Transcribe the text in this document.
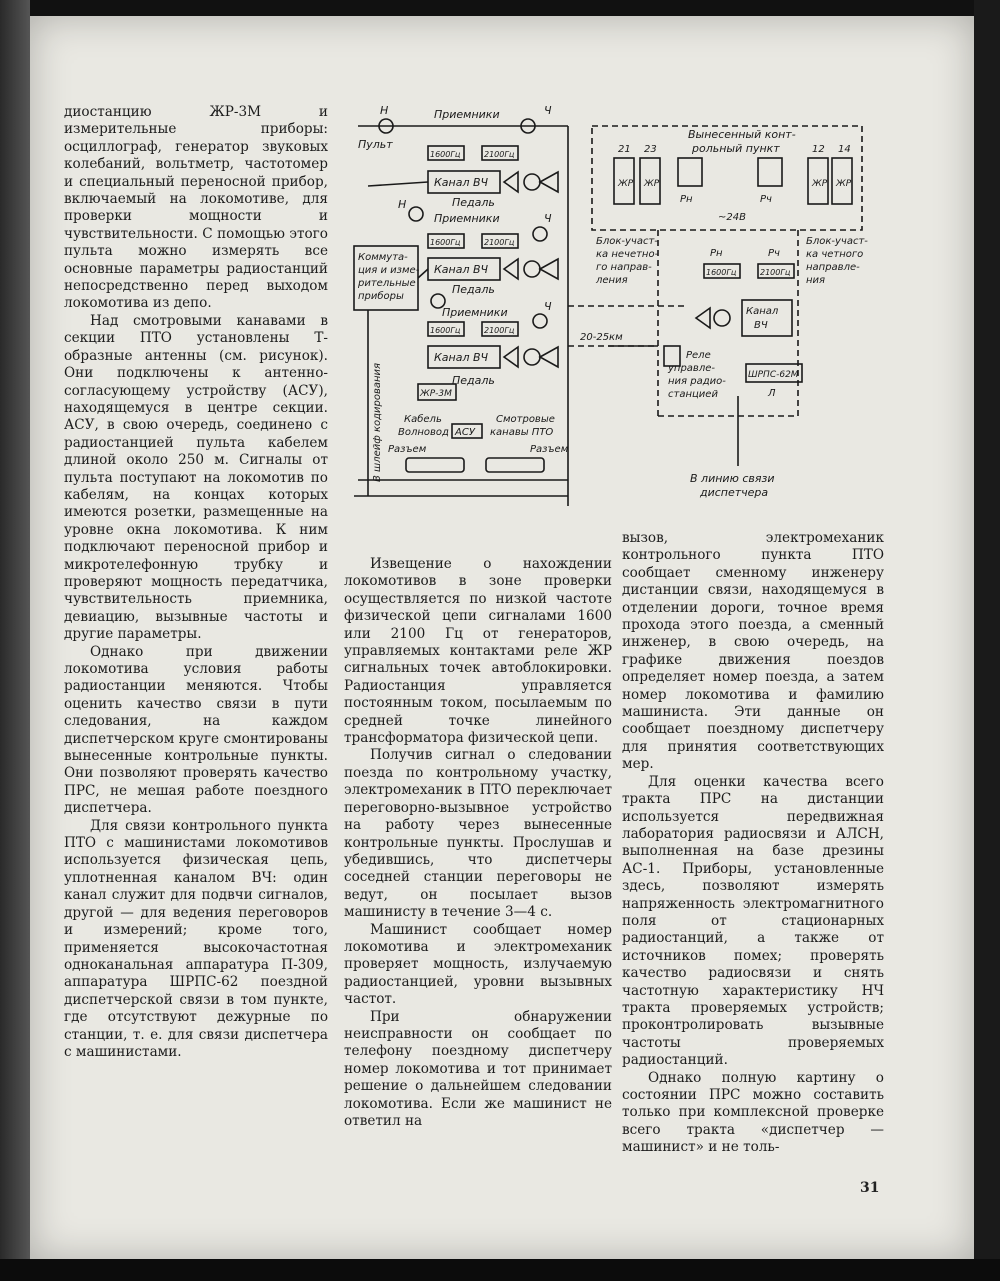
Пульт
Приемники
1600Гц	2100Гц
Канал ВЧ
Педаль
Приемники
1600Гц	2100Гц
Канал ВЧ
Педаль
Приемники
1600Гц	2100Гц
Канал ВЧ
Педаль
Н
Н
Ч
Ч
Ч
Коммута-
ция и изме-
рительные
приборы
В шлейф кодирования	ЖР-3М
Кабель
Волновод АСУ
Смотровые
канавы ПТО
Разъем	Разъем
Вынесенный конт-
рольный пункт
21 23	12 14
ЖР ЖР	ЖР ЖР
Рн	Рч
~24В
Блок-участ-
ка нечетно-
го направ-
ления
Блок-участ-
ка четного
направле-
ния
Рн	Рч
1600Гц	2100Гц
Канал
ВЧ
20-25км
Реле
управле-
ния радио-
станцией
ШРПС-62М
Л
В линию связи
диспетчера

диостанцию ЖР-3М и измерительные приборы: осциллограф, генератор звуковых колебаний, вольтметр, частотомер и специальный переносной прибор, включаемый на локомотиве, для проверки мощности и чувствительности. С помощью этого пульта можно измерять все основные параметры радиостанций непосредственно перед выходом локомотива из депо.

Над смотровыми канавами в секции ПТО установлены Т-образные антенны (см. рисунок). Они подключены к антенно-согласующему устройству (АСУ), находящемуся в центре секции. АСУ, в свою очередь, соединено с радиостанцией пульта кабелем длиной около 250 м. Сигналы от пульта поступают на локомотив по кабелям, на концах которых имеются розетки, размещенные на уровне окна локомотива. К ним подключают переносной прибор и микротелефонную трубку и проверяют мощность передатчика, чувствительность приемника, девиацию, вызывные частоты и другие параметры.

Однако при движении локомотива условия работы радиостанции меняются. Чтобы оценить качество связи в пути следования, на каждом диспетчерском круге смонтированы вынесенные контрольные пункты. Они позволяют проверять качество ПРС, не мешая работе поездного диспетчера.

Для связи контрольного пункта ПТО с машинистами локомотивов используется физическая цепь, уплотненная каналом ВЧ: один канал служит для подвчи сигналов, другой — для ведения переговоров и измерений; кроме того, применяется высокочастотная одноканальная аппаратура П-309, аппаратура ШРПС-62 поездной диспетчерской связи в том пункте, где отсутствуют дежурные по станции, т. е. для связи диспетчера с машинистами.

Извещение о нахождении локомотивов в зоне проверки осуществляется по низкой частоте физической цепи сигналами 1600 или 2100 Гц от генераторов, управляемых контактами реле ЖР сигнальных точек автоблокировки. Радиостанция управляется постоянным током, посылаемым по средней точке линейного трансформатора физической цепи.

Получив сигнал о следовании поезда по контрольному участку, электромеханик в ПТО переключает переговорно-вызывное устройство на работу через вынесенные контрольные пункты. Прослушав и убедившись, что диспетчеры соседней станции переговоры не ведут, он посылает вызов машинисту в течение 3—4 с.

Машинист сообщает номер локомотива и электромеханик проверяет мощность, излучаемую радиостанцией, уровни вызывных частот.

При обнаружении неисправности он сообщает по телефону поездному диспетчеру номер локомотива и тот принимает решение о дальнейшем следовании локомотива. Если же машинист не ответил на

вызов, электромеханик контрольного пункта ПТО сообщает сменному инженеру дистанции связи, находящемуся в отделении дороги, точное время прохода этого поезда, а сменный инженер, в свою очередь, на графике движения поездов определяет номер поезда, а затем номер локомотива и фамилию машиниста. Эти данные он сообщает поездному диспетчеру для принятия соответствующих мер.

Для оценки качества всего тракта ПРС на дистанции используется передвижная лаборатория радиосвязи и АЛСН, выполненная на базе дрезины АС-1. Приборы, установленные здесь, позволяют измерять напряженность электромагнитного поля от стационарных радиостанций, а также от источников помех; проверять качество радиосвязи и снять частотную характеристику НЧ тракта проверяемых устройств; проконтролировать вызывные частоты проверяемых радиостанций.

Однако полную картину о состоянии ПРС можно составить только при комплексной проверке всего тракта «диспетчер — машинист» и не толь-

31
